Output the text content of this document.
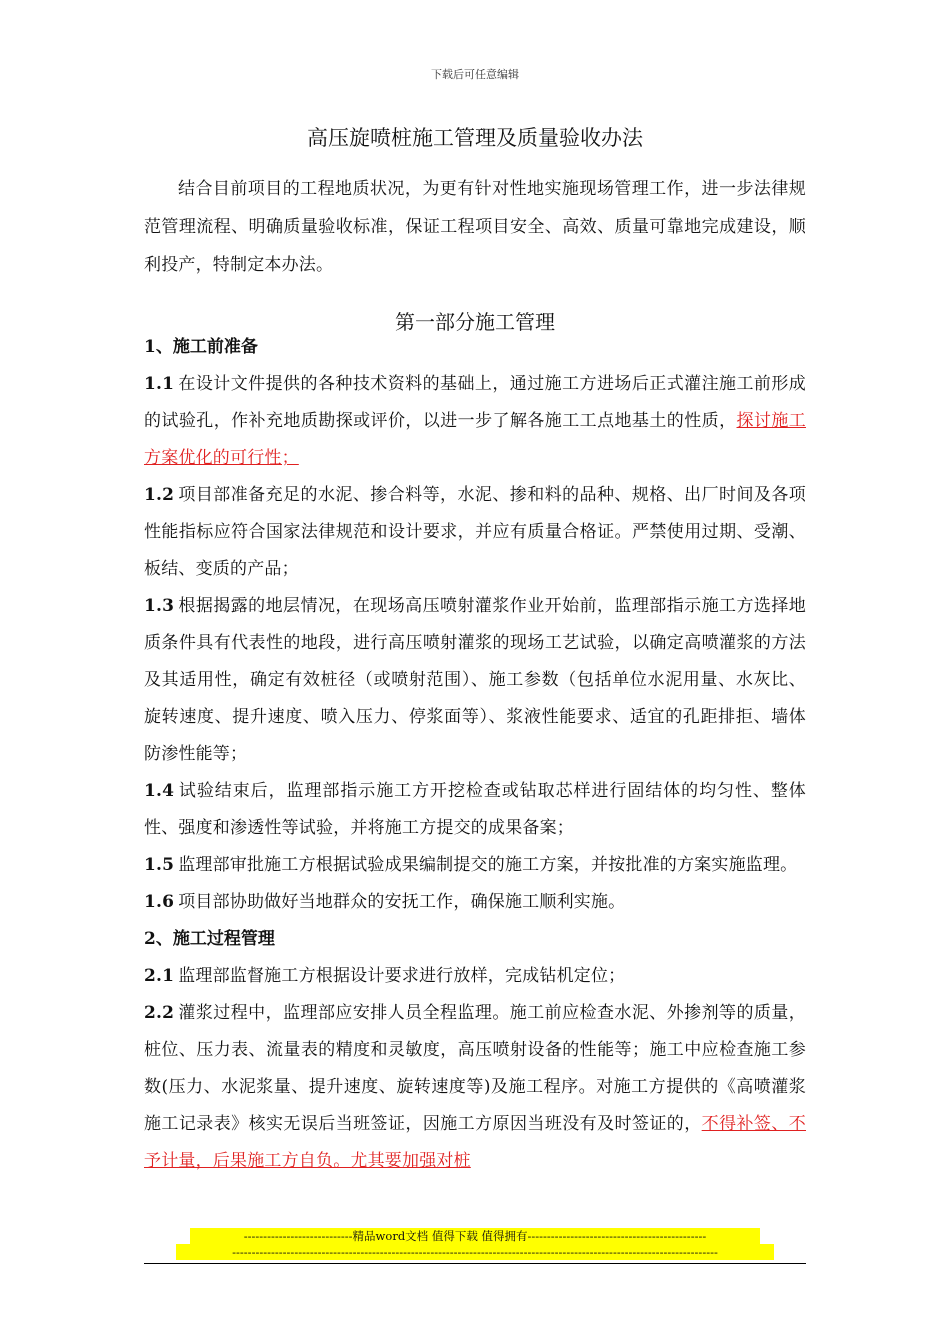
下载后可任意编辑
高压旋喷桩施工管理及质量验收办法

结合目前项目的工程地质状况，为更有针对性地实施现场管理工作，进一步法律规范管理流程、明确质量验收标准，保证工程项目安全、高效、质量可靠地完成建设，顺利投产，特制定本办法。

第一部分施工管理

1、施工前准备

1.1 在设计文件提供的各种技术资料的基础上，通过施工方进场后正式灌注施工前形成的试验孔，作补充地质勘探或评价，以进一步了解各施工工点地基土的性质，探讨施工方案优化的可行性；

1.2 项目部准备充足的水泥、掺合料等，水泥、掺和料的品种、规格、出厂时间及各项性能指标应符合国家法律规范和设计要求，并应有质量合格证。严禁使用过期、受潮、板结、变质的产品；

1.3 根据揭露的地层情况，在现场高压喷射灌浆作业开始前，监理部指示施工方选择地质条件具有代表性的地段，进行高压喷射灌浆的现场工艺试验，以确定高喷灌浆的方法及其适用性，确定有效桩径（或喷射范围）、施工参数（包括单位水泥用量、水灰比、旋转速度、提升速度、喷入压力、停浆面等）、浆液性能要求、适宜的孔距排拒、墙体防渗性能等；

1.4 试验结束后，监理部指示施工方开挖检查或钻取芯样进行固结体的均匀性、整体性、强度和渗透性等试验，并将施工方提交的成果备案；

1.5 监理部审批施工方根据试验成果编制提交的施工方案，并按批准的方案实施监理。

1.6 项目部协助做好当地群众的安抚工作，确保施工顺利实施。

2、施工过程管理

2.1 监理部监督施工方根据设计要求进行放样，完成钻机定位；

2.2 灌浆过程中，监理部应安排人员全程监理。施工前应检查水泥、外掺剂等的质量，桩位、压力表、流量表的精度和灵敏度，高压喷射设备的性能等；施工中应检查施工参数(压力、水泥浆量、提升速度、旋转速度等)及施工程序。对施工方提供的《高喷灌浆施工记录表》核实无误后当班签证，因施工方原因当班没有及时签证的，不得补签、不予计量，后果施工方自负。尤其要加强对桩

----------------------------精品word文档 值得下载 值得拥有----------------------------------------------
-----------------------------------------------------------------------------------------------------------------------------
